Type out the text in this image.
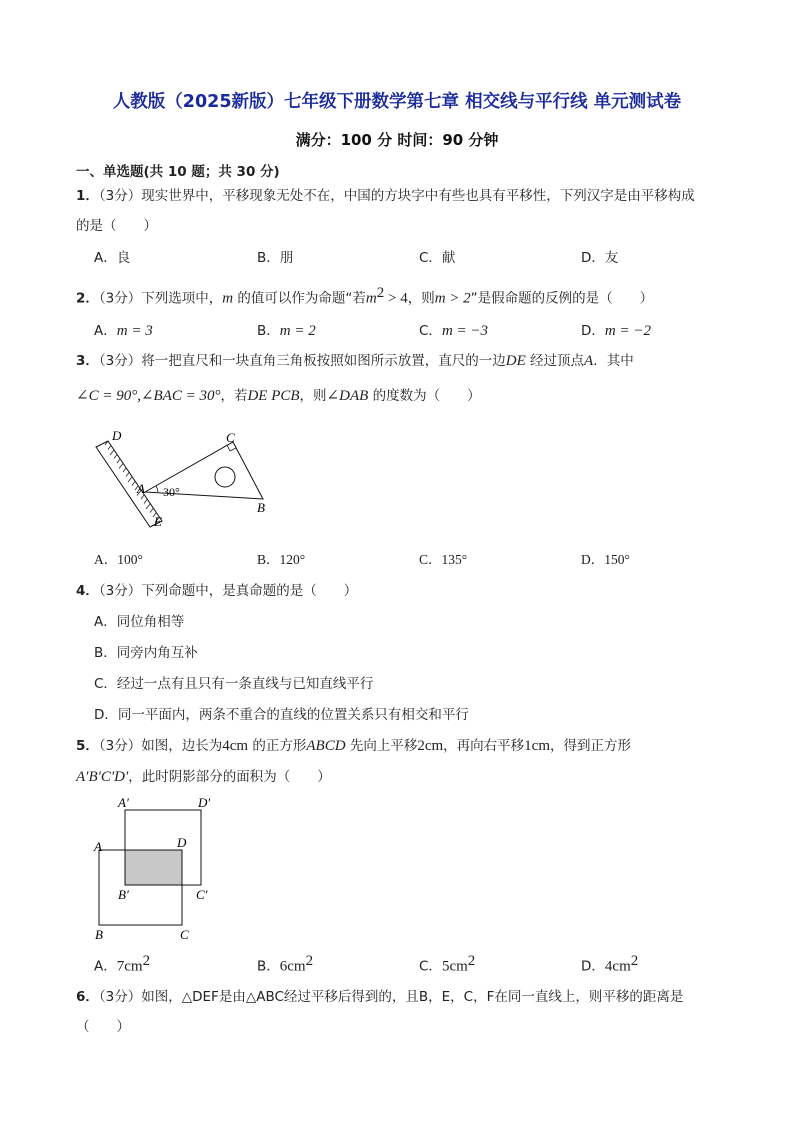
人教版（2025新版）七年级下册数学第七章 相交线与平行线 单元测试卷
满分：100 分 时间：90 分钟
一、单选题(共 10 题；共 30 分)
1．（3分）现实世界中，平移现象无处不在，中国的方块字中有些也具有平移性，下列汉字是由平移构成
的是（　　）
A．良	B．朋	C．献	D．友
2．（3分）下列选项中，m 的值可以作为命题“若$m^2 > 4$，则m > 2”是假命题的反例的是（　　）
A．m = 3	B．m = 2	C．m = −3	D．m = −2
3．（3分）将一把直尺和一块直角三角板按照如图所示放置，直尺的一边DE 经过顶点A．其中
∠C = 90°,∠BAC = 30°，若DE PCB，则∠DAB 的度数为（　　）
D	C
A 30°
B
E
A．100°	B．120°	C．135°	D．150°
4．（3分）下列命题中，是真命题的是（　　）
A．同位角相等
B．同旁内角互补
C．经过一点有且只有一条直线与已知直线平行
D．同一平面内，两条不重合的直线的位置关系只有相交和平行
5．（3分）如图，边长为4cm 的正方形ABCD 先向上平移2cm，再向右平移1cm，得到正方形
A′B′C′D′，此时阴影部分的面积为（　　）
A′	D′
A	D
B′	C′
B	C
A．$7cm^2$	B．$6cm^2$	C．$5cm^2$	D．$4cm^2$
6．（3分）如图，△DEF是由△ABC经过平移后得到的，且B，E，C，F在同一直线上，则平移的距离是
（　　）
